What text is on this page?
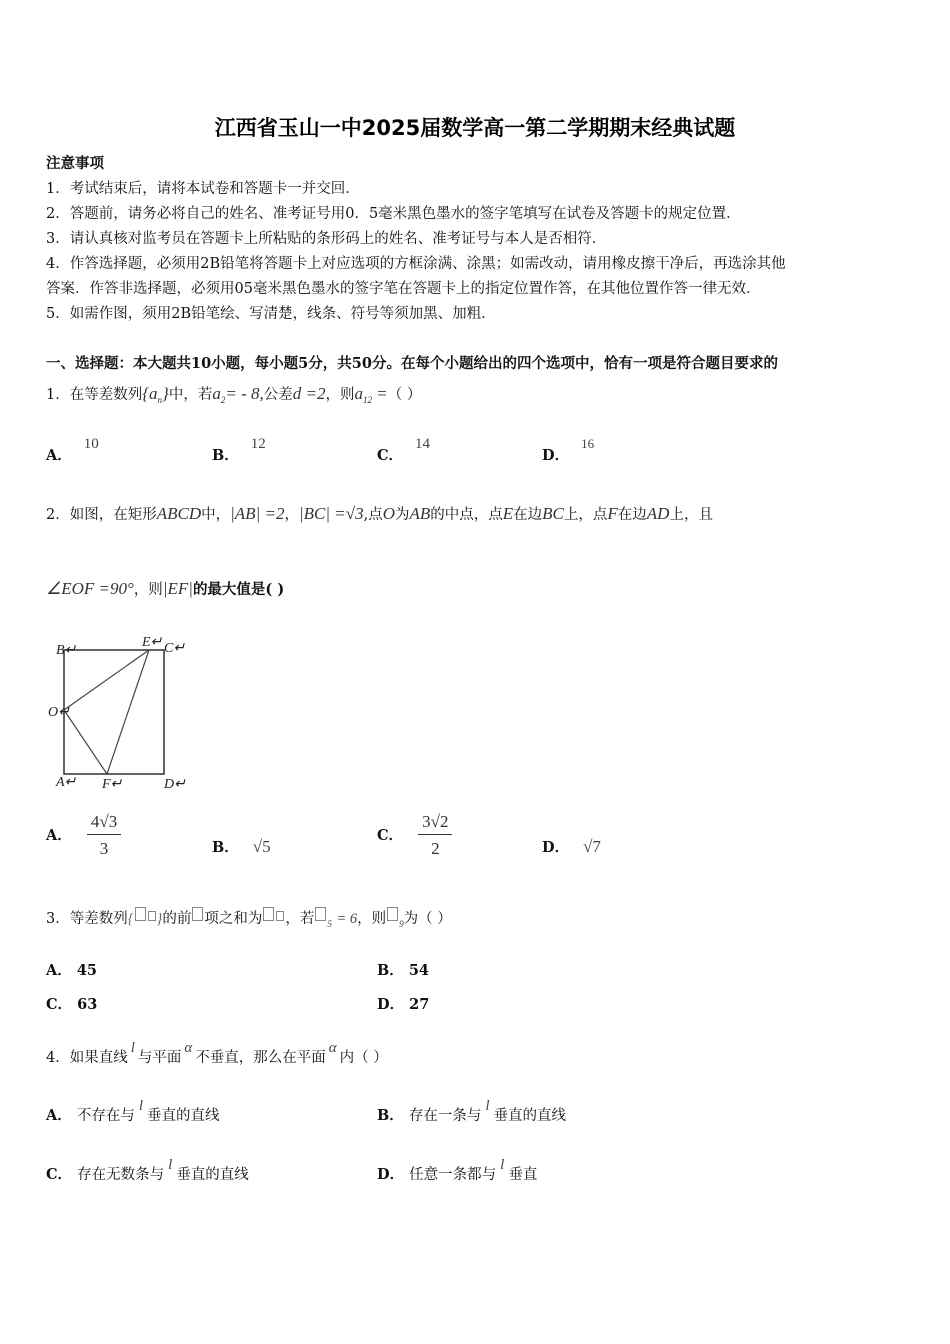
江西省玉山一中2025届数学高一第二学期期末经典试题
注意事项
1．考试结束后，请将本试卷和答题卡一并交回．
2．答题前，请务必将自己的姓名、准考证号用0．5毫米黑色墨水的签字笔填写在试卷及答题卡的规定位置．
3．请认真核对监考员在答题卡上所粘贴的条形码上的姓名、准考证号与本人是否相符．
4．作答选择题，必须用2B铅笔将答题卡上对应选项的方框涂满、涂黑；如需改动，请用橡皮擦干净后，再选涂其他
答案．作答非选择题，必须用05毫米黑色墨水的签字笔在答题卡上的指定位置作答，在其他位置作答一律无效．
5．如需作图，须用2B铅笔绘、写清楚，线条、符号等须加黑、加粗．
一、选择题：本大题共10小题，每小题5分，共50分。在每个小题给出的四个选项中，恰有一项是符合题目要求的
1．在等差数列$\{a_n\}$中，若$a_2= - 8$,公差d =2，则$a_{12}$ =（ ）
A．10
B．12
C．14
D．$^{16}$
2．如图，在矩形ABCD中，|AB| =2，|BC| =√3,点O为AB的中点，点E在边BC上，点F在边AD上，且
∠EOF =90°，则|EF|的最大值是( )
B↵
E↵ C↵
O↵
A↵ F↵	D↵
A． $\frac{4√3}{3}$	B． √5
C． $\frac{3√2}{2}$	D． √7
3．等差数列{ }的前 项之和为 ，若 $_5$ = 6，则 $_9$为（ ）
A． 45	B． 54
C． 63	D． 27
4．如果直线l与平面α不垂直，那么在平面α内（ ）
A． 不存在与l垂直的直线	B． 存在一条与l垂直的直线
C． 存在无数条与l垂直的直线	D． 任意一条都与l垂直
